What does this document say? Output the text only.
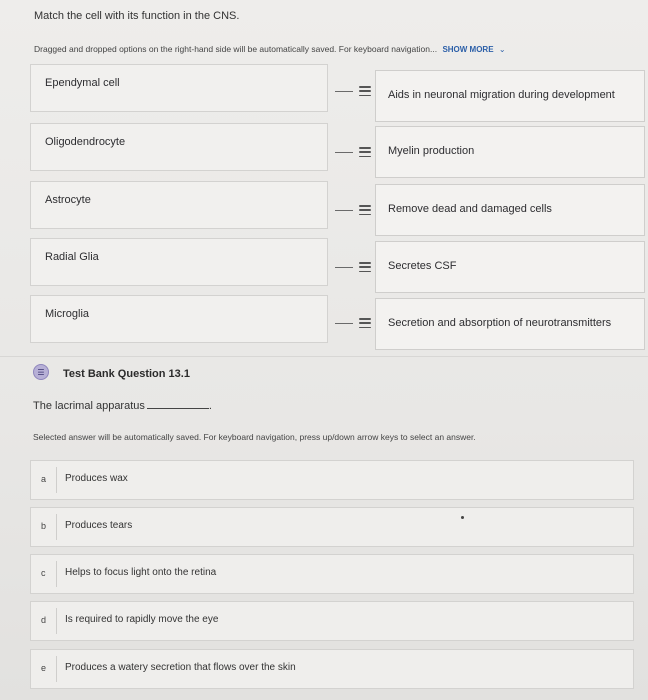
Match the cell with its function in the CNS.
Dragged and dropped options on the right-hand side will be automatically saved. For keyboard navigation... SHOW MORE ⌄
Ependymal cell
Aids in neuronal migration during development
Oligodendrocyte
Myelin production
Astrocyte
Remove dead and damaged cells
Radial Glia
Secretes CSF
Microglia
Secretion and absorption of neurotransmitters
☰	Test Bank Question 13.1
The lacrimal apparatus	.
Selected answer will be automatically saved. For keyboard navigation, press up/down arrow keys to select an answer.
a Produces wax
b Produces tears
c Helps to focus light onto the retina
d Is required to rapidly move the eye
e Produces a watery secretion that flows over the skin
